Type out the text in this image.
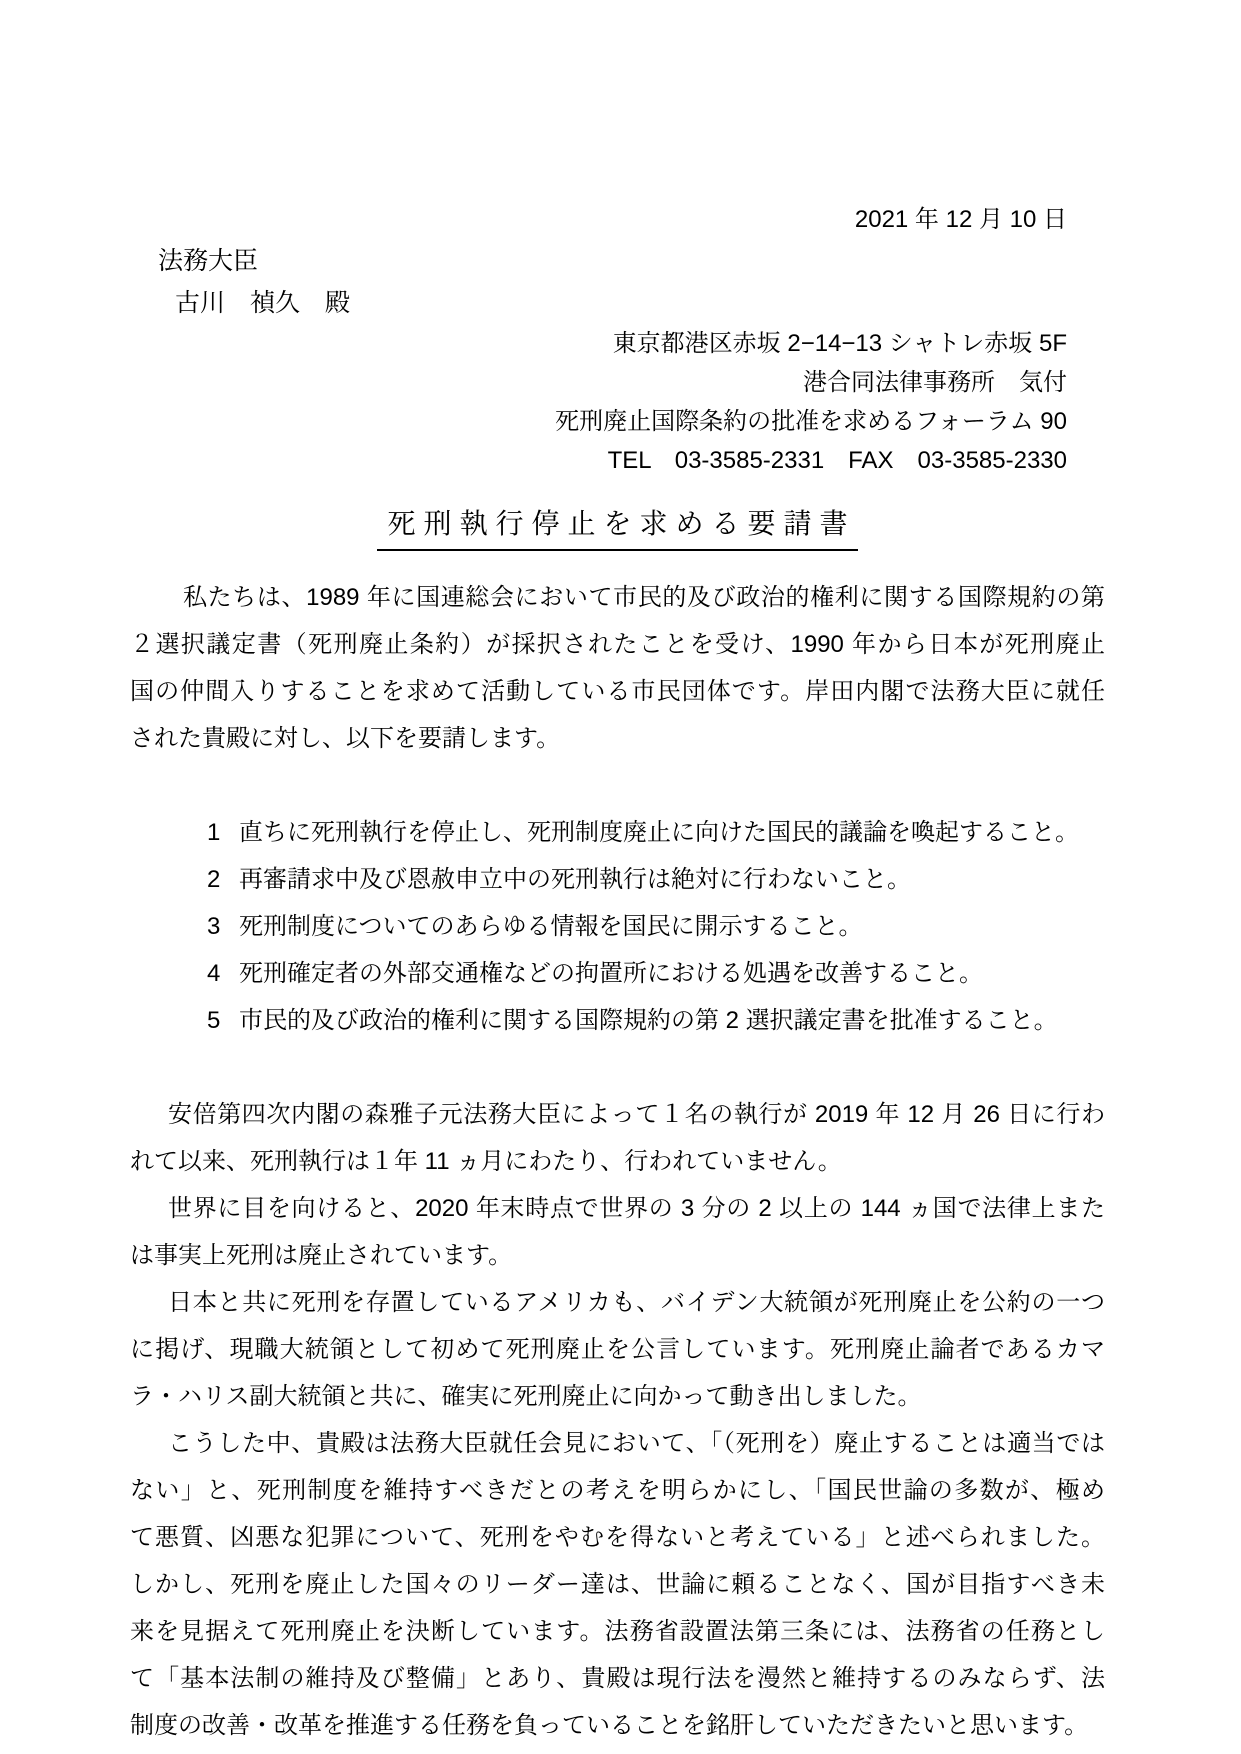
2021 年 12 月 10 日
法務大臣
古川　禎久　殿
東京都港区赤坂 2−14−13 シャトレ赤坂 5F
港合同法律事務所　気付
死刑廃止国際条約の批准を求めるフォーラム 90
TEL　03-3585-2331　FAX　03-3585-2330
死刑執行停止を求める要請書
私たちは、1989 年に国連総会において市民的及び政治的権利に関する国際規約の第
２選択議定書（死刑廃止条約）が採択されたことを受け、1990 年から日本が死刑廃止
国の仲間入りすることを求めて活動している市民団体です。岸田内閣で法務大臣に就任
された貴殿に対し、以下を要請します。
1 直ちに死刑執行を停止し、死刑制度廃止に向けた国民的議論を喚起すること。
2 再審請求中及び恩赦申立中の死刑執行は絶対に行わないこと。
3 死刑制度についてのあらゆる情報を国民に開示すること。
4 死刑確定者の外部交通権などの拘置所における処遇を改善すること。
5 市民的及び政治的権利に関する国際規約の第 2 選択議定書を批准すること。
安倍第四次内閣の森雅子元法務大臣によって１名の執行が 2019 年 12 月 26 日に行わ
れて以来、死刑執行は１年 11 ヵ月にわたり、行われていません。
世界に目を向けると、2020 年末時点で世界の 3 分の 2 以上の 144 ヵ国で法律上また
は事実上死刑は廃止されています。
日本と共に死刑を存置しているアメリカも、バイデン大統領が死刑廃止を公約の一つ
に掲げ、現職大統領として初めて死刑廃止を公言しています。死刑廃止論者であるカマ
ラ・ハリス副大統領と共に、確実に死刑廃止に向かって動き出しました。
こうした中、貴殿は法務大臣就任会見において、「（死刑を）廃止することは適当では
ない」と、死刑制度を維持すべきだとの考えを明らかにし、「国民世論の多数が、極め
て悪質、凶悪な犯罪について、死刑をやむを得ないと考えている」と述べられました。
しかし、死刑を廃止した国々のリーダー達は、世論に頼ることなく、国が目指すべき未
来を見据えて死刑廃止を決断しています。法務省設置法第三条には、法務省の任務とし
て「基本法制の維持及び整備」とあり、貴殿は現行法を漫然と維持するのみならず、法
制度の改善・改革を推進する任務を負っていることを銘肝していただきたいと思います。
